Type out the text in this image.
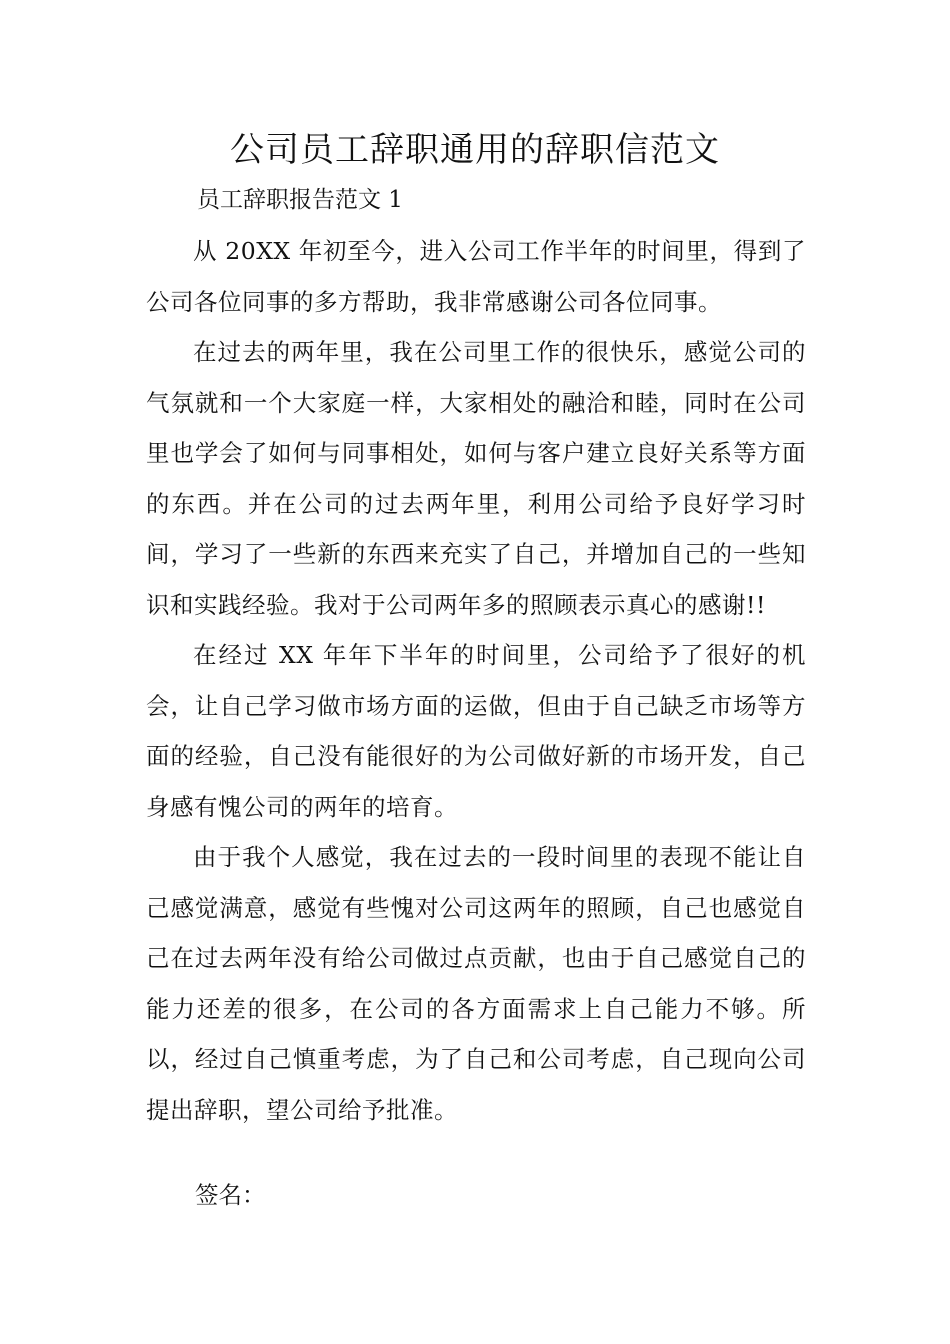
公司员工辞职通用的辞职信范文

员工辞职报告范文 1

从 20XX 年初至今，进入公司工作半年的时间里，得到了公司各位同事的多方帮助，我非常感谢公司各位同事。

在过去的两年里，我在公司里工作的很快乐，感觉公司的气氛就和一个大家庭一样，大家相处的融洽和睦，同时在公司里也学会了如何与同事相处，如何与客户建立良好关系等方面的东西。并在公司的过去两年里，利用公司给予良好学习时间，学习了一些新的东西来充实了自己，并增加自己的一些知识和实践经验。我对于公司两年多的照顾表示真心的感谢!!

在经过 XX 年年下半年的时间里，公司给予了很好的机会，让自己学习做市场方面的运做，但由于自己缺乏市场等方面的经验，自己没有能很好的为公司做好新的市场开发，自己身感有愧公司的两年的培育。

由于我个人感觉，我在过去的一段时间里的表现不能让自己感觉满意，感觉有些愧对公司这两年的照顾，自己也感觉自己在过去两年没有给公司做过点贡献，也由于自己感觉自己的能力还差的很多，在公司的各方面需求上自己能力不够。所以，经过自己慎重考虑，为了自己和公司考虑，自己现向公司提出辞职，望公司给予批准。

签名：
